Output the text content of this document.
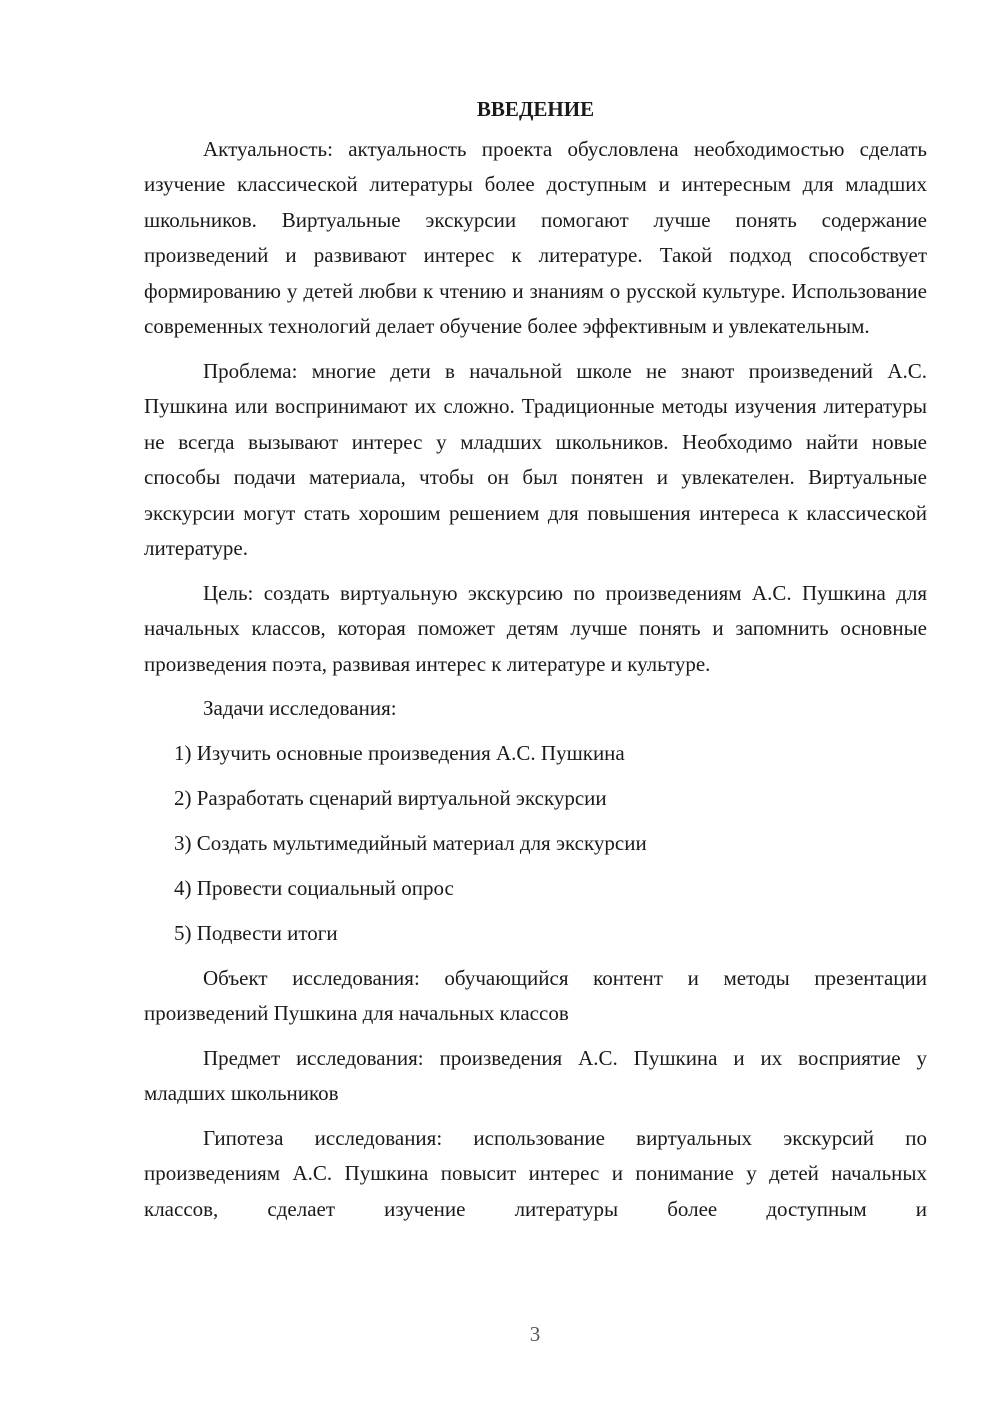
ВВЕДЕНИЕ

Актуальность: актуальность проекта обусловлена необходимостью сделать изучение классической литературы более доступным и интересным для младших школьников. Виртуальные экскурсии помогают лучше понять содержание произведений и развивают интерес к литературе. Такой подход способствует формированию у детей любви к чтению и знаниям о русской культуре. Использование современных технологий делает обучение более эффективным и увлекательным.

Проблема: многие дети в начальной школе не знают произведений А.С. Пушкина или воспринимают их сложно. Традиционные методы изучения литературы не всегда вызывают интерес у младших школьников. Необходимо найти новые способы подачи материала, чтобы он был понятен и увлекателен. Виртуальные экскурсии могут стать хорошим решением для повышения интереса к классической литературе.

Цель: создать виртуальную экскурсию по произведениям А.С. Пушкина для начальных классов, которая поможет детям лучше понять и запомнить основные произведения поэта, развивая интерес к литературе и культуре.

Задачи исследования:

1) Изучить основные произведения А.С. Пушкина

2) Разработать сценарий виртуальной экскурсии

3) Создать мультимедийный материал для экскурсии

4) Провести социальный опрос

5) Подвести итоги

Объект исследования: обучающийся контент и методы презентации произведений Пушкина для начальных классов

Предмет исследования: произведения А.С. Пушкина и их восприятие у младших школьников

Гипотеза исследования: использование виртуальных экскурсий по произведениям А.С. Пушкина повысит интерес и понимание у детей начальных классов, сделает изучение литературы более доступным и

3
